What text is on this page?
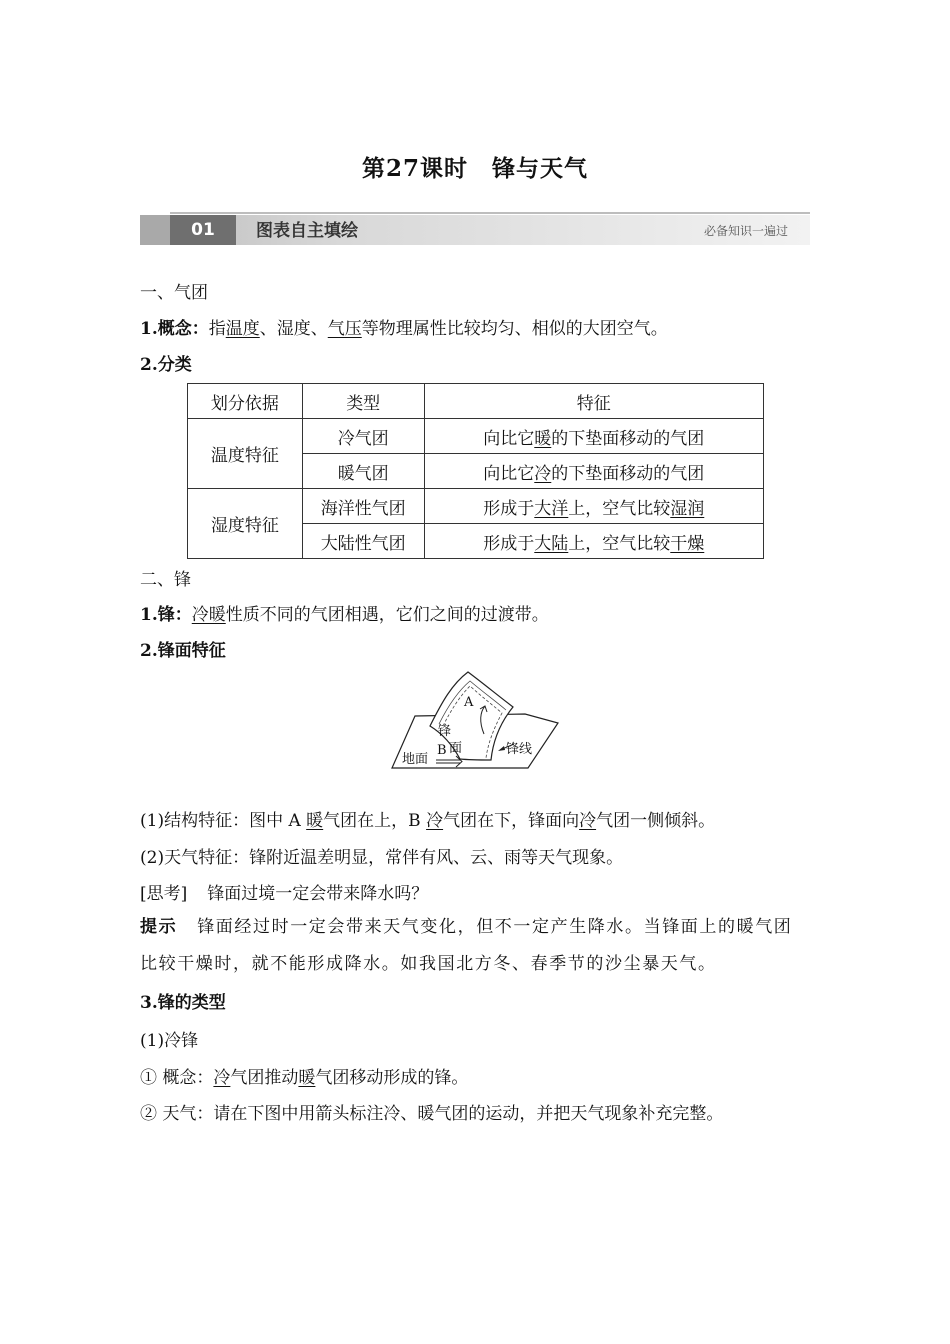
第27课时　锋与天气
01	图表自主填绘	必备知识一遍过
一、气团
1.概念：指温度、湿度、气压等物理属性比较均匀、相似的大团空气。
2.分类
划分依据	类型	特征
温度特征	冷气团	向比它暖的下垫面移动的气团
	暖气团	向比它冷的下垫面移动的气团
湿度特征	海洋性气团	形成于大洋上，空气比较湿润
	大陆性气团	形成于大陆上，空气比较干燥
二、锋
1.锋：冷暖性质不同的气团相遇，它们之间的过渡带。
2.锋面特征
A
锋
面
B
地面
锋线
(1)结构特征：图中 A 暖气团在上，B 冷气团在下，锋面向冷气团一侧倾斜。
(2)天气特征：锋附近温差明显，常伴有风、云、雨等天气现象。
[思考] 锋面过境一定会带来降水吗？
提示 锋面经过时一定会带来天气变化，但不一定产生降水。当锋面上的暖气团
比较干燥时，就不能形成降水。如我国北方冬、春季节的沙尘暴天气。
3.锋的类型
(1)冷锋
① 概念：冷气团推动暖气团移动形成的锋。
② 天气：请在下图中用箭头标注冷、暖气团的运动，并把天气现象补充完整。
